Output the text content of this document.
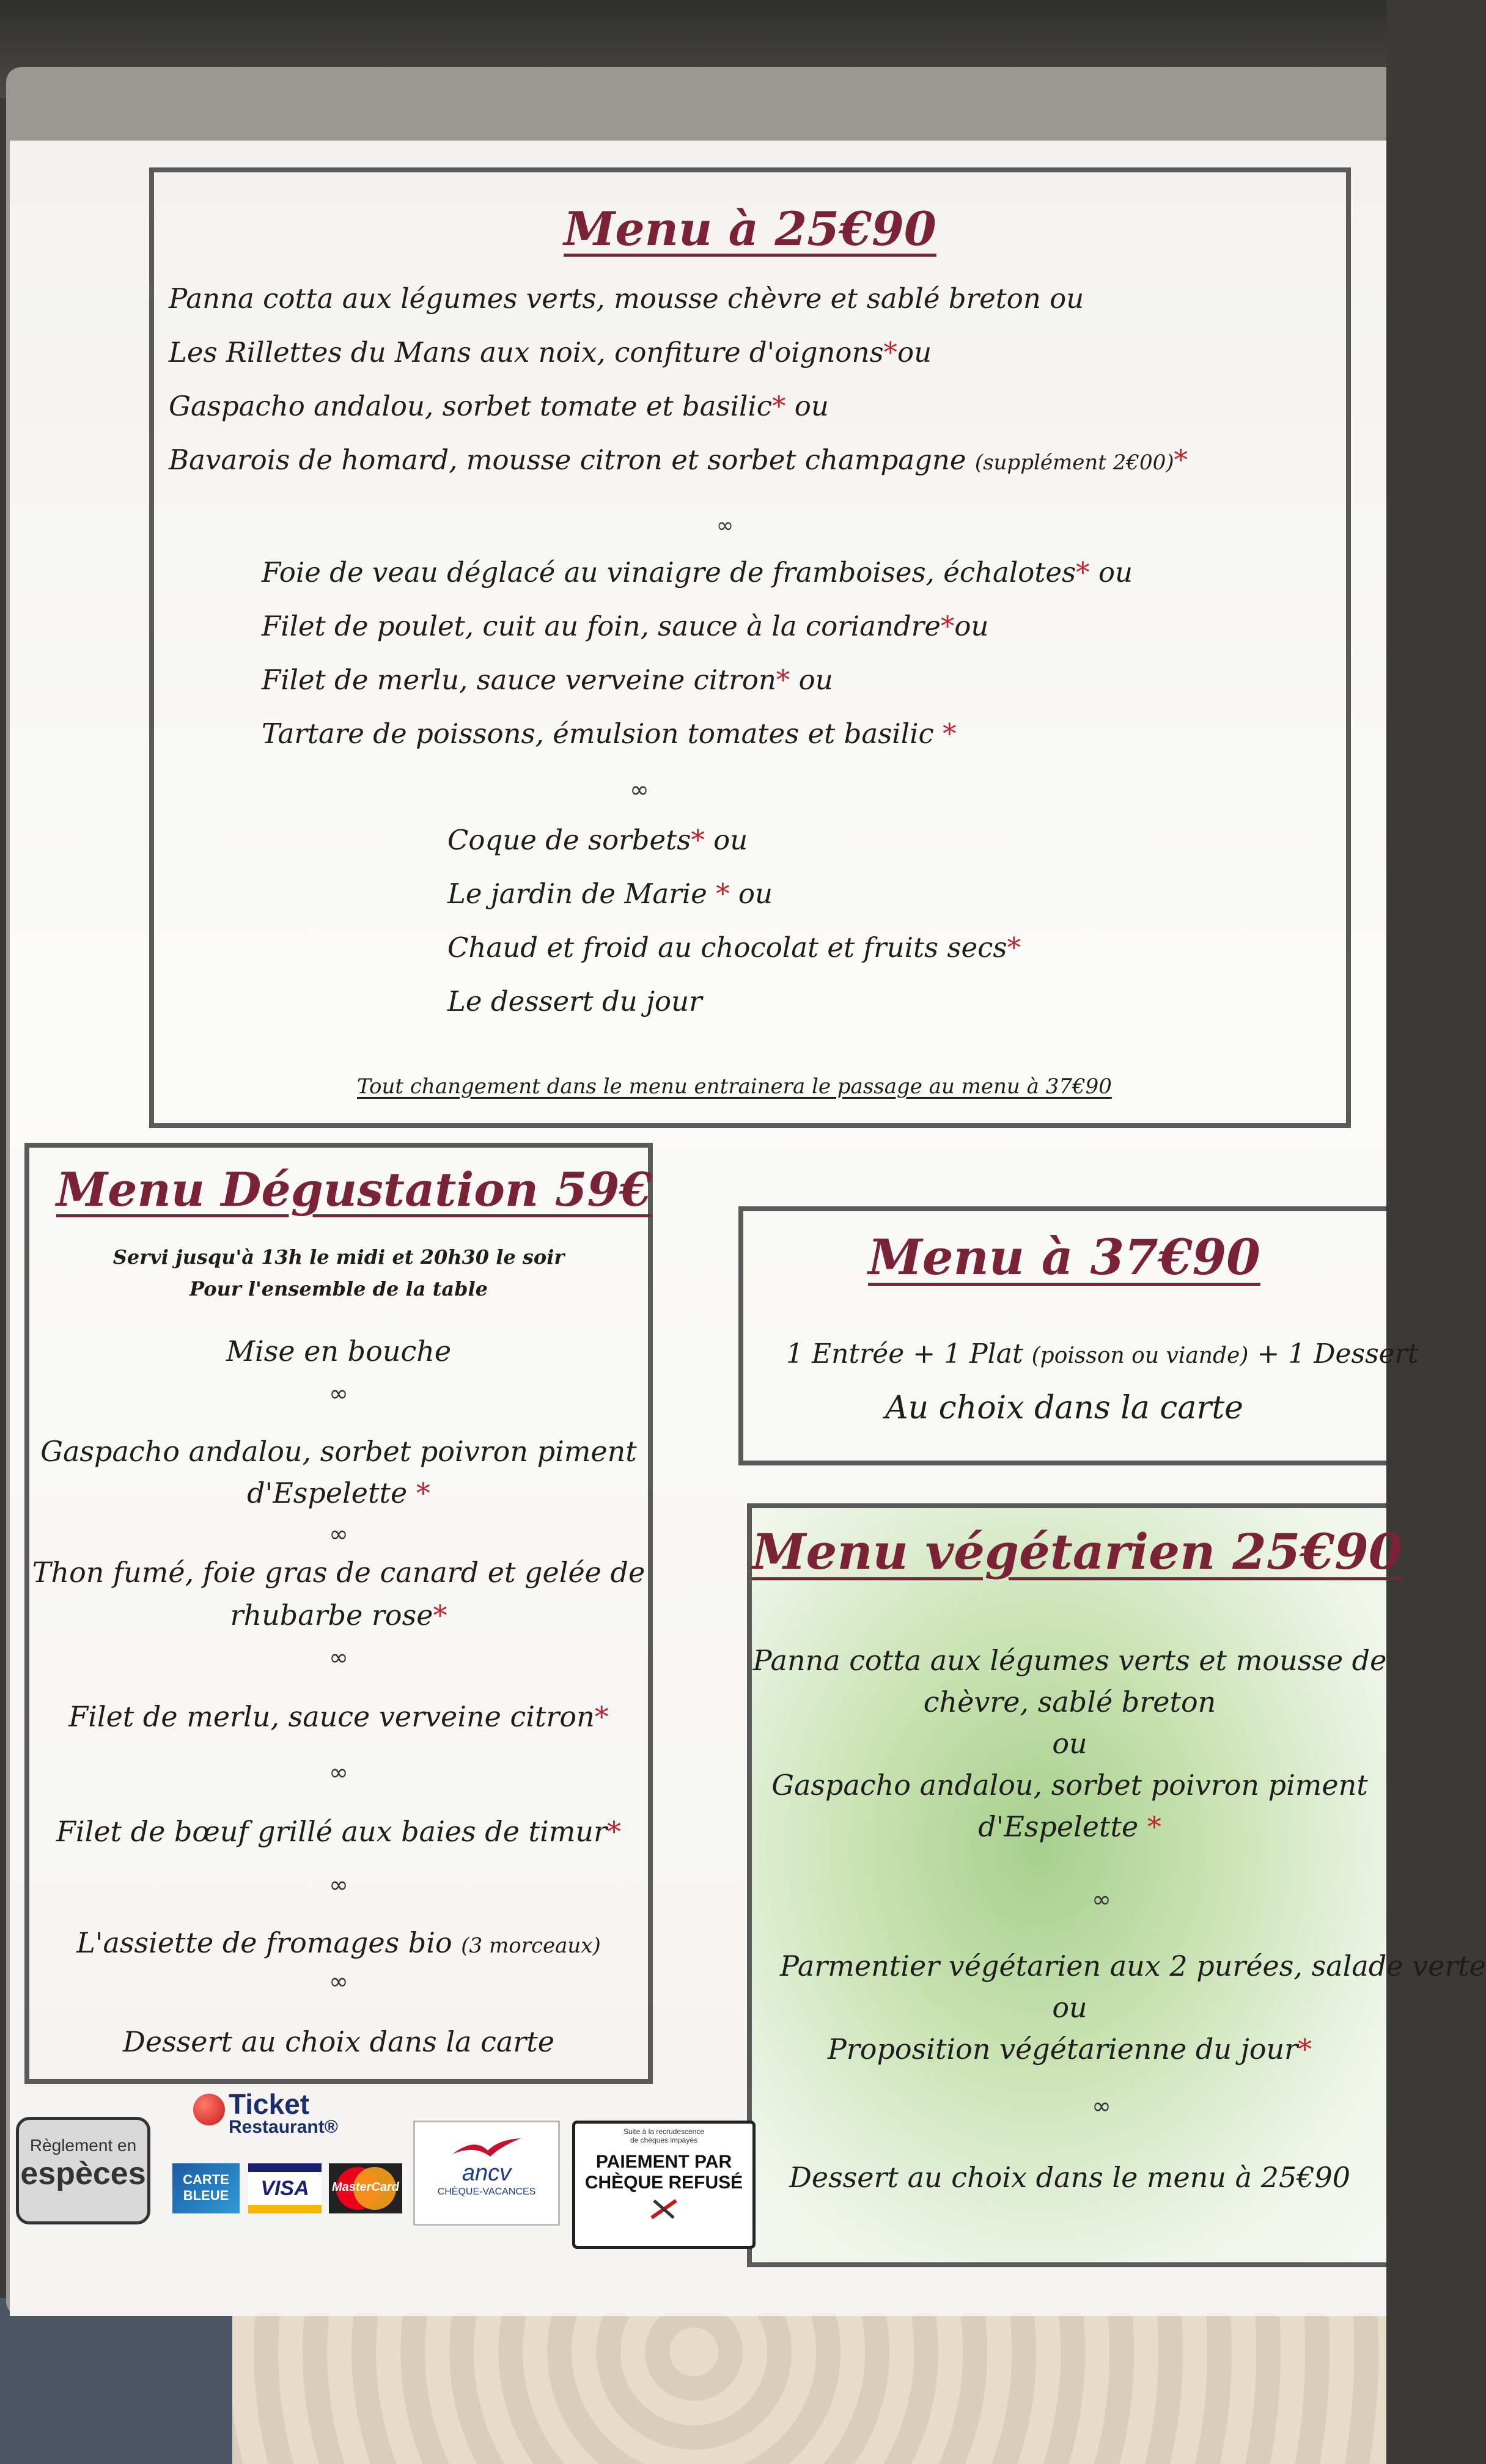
Menu à 25€90
Panna cotta aux légumes verts, mousse chèvre et sablé breton ou
Les Rillettes du Mans aux noix, confiture d'oignons*ou
Gaspacho andalou, sorbet tomate et basilic* ou
Bavarois de homard, mousse citron et sorbet champagne (supplément 2€00)*
∞
Foie de veau déglacé au vinaigre de framboises, échalotes* ou
Filet de poulet, cuit au foin, sauce à la coriandre*ou
Filet de merlu, sauce verveine citron* ou
Tartare de poissons, émulsion tomates et basilic *
∞
Coque de sorbets* ou
Le jardin de Marie * ou
Chaud et froid au chocolat et fruits secs*
Le dessert du jour
Tout changement dans le menu entrainera le passage au menu à 37€90
Menu Dégustation 59€
Servi jusqu'à 13h le midi et 20h30 le soir
Pour l'ensemble de la table
Mise en bouche
∞
Gaspacho andalou, sorbet poivron piment
d'Espelette *
∞
Thon fumé, foie gras de canard et gelée de
rhubarbe rose*
∞
Filet de merlu, sauce verveine citron*
∞
Filet de bœuf grillé aux baies de timur*
∞
L'assiette de fromages bio (3 morceaux)
∞
Dessert au choix dans la carte
Menu à 37€90
1 Entrée + 1 Plat (poisson ou viande) + 1 Dessert
Au choix dans la carte
Menu végétarien 25€90
Panna cotta aux légumes verts et mousse de
chèvre, sablé breton
ou
Gaspacho andalou, sorbet poivron piment
d'Espelette *
∞
Parmentier végétarien aux 2 purées, salade verte
ou
Proposition végétarienne du jour*
∞
Dessert au choix dans le menu à 25€90
Règlement en
espèces
Ticket
Restaurant®
CARTE
BLEUE	VISA	MasterCard
ancv
CHÈQUE-VACANCES
Suite à la recrudescence
de chèques impayés
PAIEMENT PAR
CHÈQUE REFUSÉ
